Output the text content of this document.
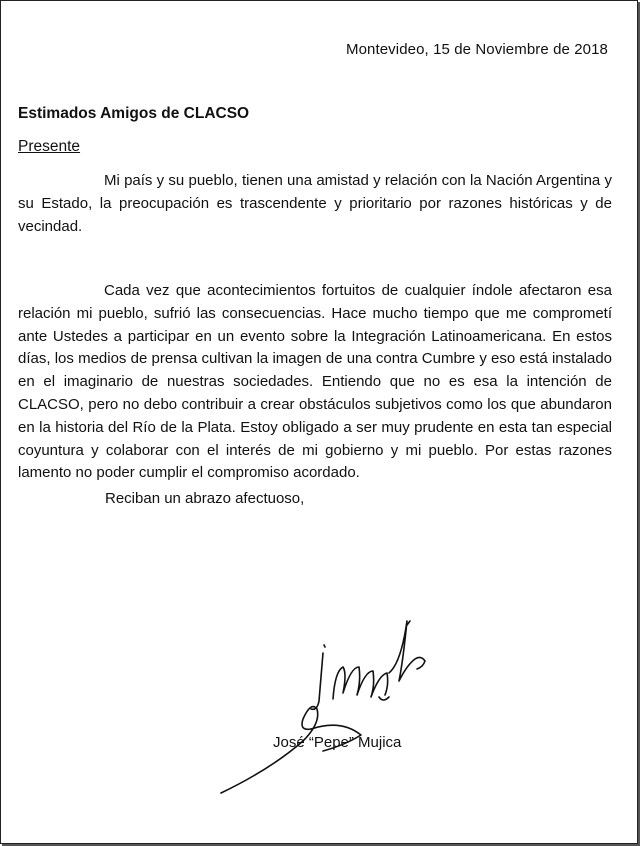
Montevideo, 15 de Noviembre de 2018
Estimados Amigos de CLACSO
Presente

Mi país y su pueblo, tienen una amistad y relación con la Nación Argentina y su Estado, la preocupación es trascendente y prioritario por razones históricas y de vecindad.

Cada vez que acontecimientos fortuitos de cualquier índole afectaron esa relación mi pueblo, sufrió las consecuencias. Hace mucho tiempo que me comprometí ante Ustedes a participar en un evento sobre la Integración Latinoamericana. En estos días, los medios de prensa cultivan la imagen de una contra Cumbre y eso está instalado en el imaginario de nuestras sociedades. Entiendo que no es esa la intención de CLACSO, pero no debo contribuir a crear obstáculos subjetivos como los que abundaron en la historia del Río de la Plata. Estoy obligado a ser muy prudente en esta tan especial coyuntura y colaborar con el interés de mi gobierno y mi pueblo. Por estas razones lamento no poder cumplir el compromiso acordado.

Reciban un abrazo afectuoso,
José “Pepe” Mujica
